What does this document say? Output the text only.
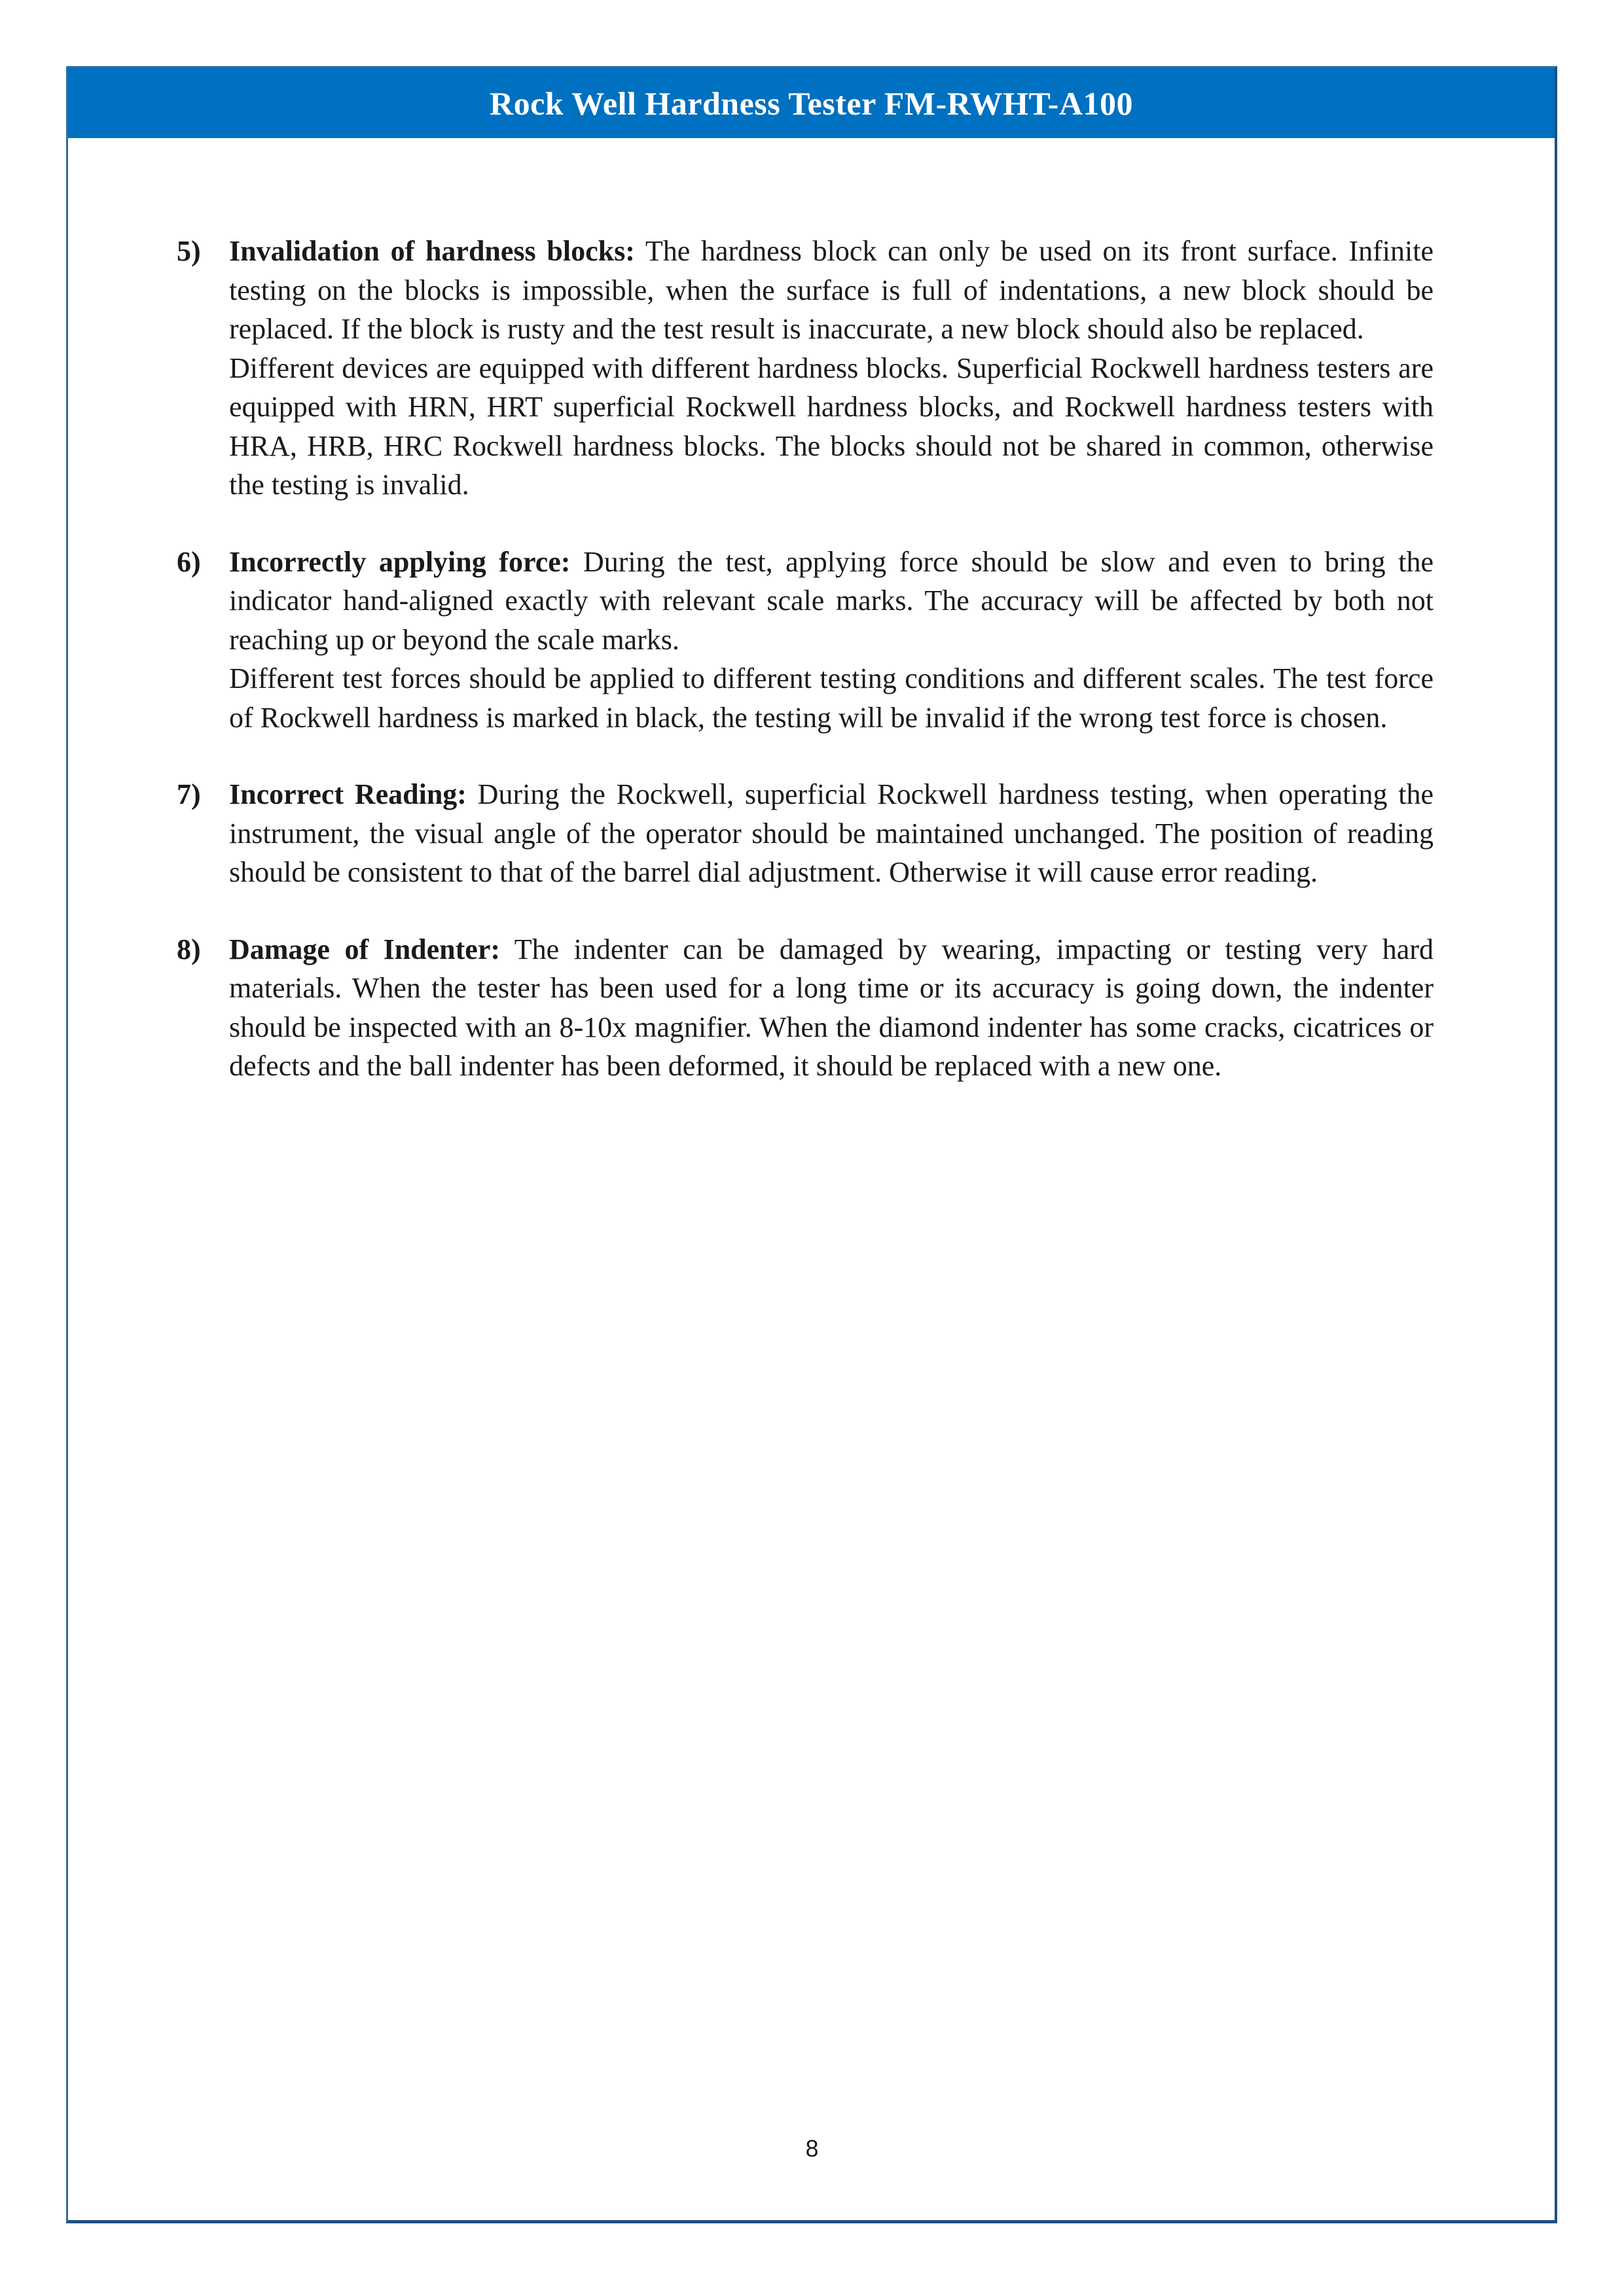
Rock Well Hardness Tester FM-RWHT-A100
5) Invalidation of hardness blocks: The hardness block can only be used on its front surface. Infinite testing on the blocks is impossible, when the surface is full of indentations, a new block should be replaced. If the block is rusty and the test result is inaccurate, a new block should also be replaced.

Different devices are equipped with different hardness blocks. Superficial Rockwell hardness testers are equipped with HRN, HRT superficial Rockwell hardness blocks, and Rockwell hardness testers with HRA, HRB, HRC Rockwell hardness blocks. The blocks should not be shared in common, otherwise the testing is invalid.

6) Incorrectly applying force: During the test, applying force should be slow and even to bring the indicator hand-aligned exactly with relevant scale marks. The accuracy will be affected by both not reaching up or beyond the scale marks.

Different test forces should be applied to different testing conditions and different scales. The test force of Rockwell hardness is marked in black, the testing will be invalid if the wrong test force is chosen.

7) Incorrect Reading: During the Rockwell, superficial Rockwell hardness testing, when operating the instrument, the visual angle of the operator should be maintained unchanged. The position of reading should be consistent to that of the barrel dial adjustment. Otherwise it will cause error reading.

8) Damage of Indenter: The indenter can be damaged by wearing, impacting or testing very hard materials. When the tester has been used for a long time or its accuracy is going down, the indenter should be inspected with an 8-10x magnifier. When the diamond indenter has some cracks, cicatrices or defects and the ball indenter has been deformed, it should be replaced with a new one.

8
